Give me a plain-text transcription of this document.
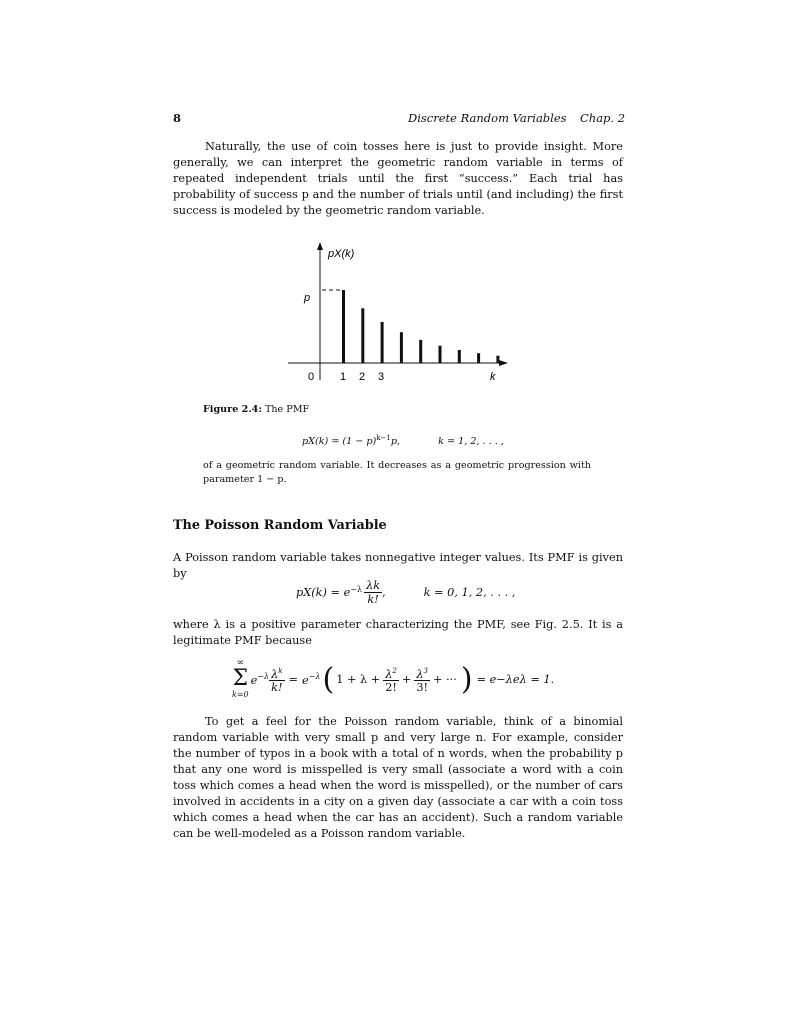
8	Discrete Random Variables Chap. 2

Naturally, the use of coin tosses here is just to provide insight. More generally, we can interpret the geometric random variable in terms of repeated independent trials until the first “success.” Each trial has probability of success p and the number of trials until (and including) the first success is modeled by the geometric random variable.

pX(k)
p
0 1 2 3	k
Figure 2.4: The PMF
$pX(k) = (1 - p)^{k-1}p$,	k = 1, 2, . . . ,

of a geometric random variable. It decreases as a geometric progression with parameter 1 − p.

The Poisson Random Variable

A Poisson random variable takes nonnegative integer values. Its PMF is given by

$pX(k) = e^{-\lambda} \frac{\lambda k}{k!}$ ,	k = 0, 1, 2, . . . ,

where λ is a positive parameter characterizing the PMF, see Fig. 2.5. It is a legitimate PMF because

∞
Σ
k=0
$e^{-\lambda} \frac{\lambda^k}{k!} = e^{-\lambda}$ ( $1 + \lambda + \frac{\lambda^2}{2!} + \frac{\lambda^3}{3!}$ + ··· ) = e−λeλ = 1.

To get a feel for the Poisson random variable, think of a binomial random variable with very small p and very large n. For example, consider the number of typos in a book with a total of n words, when the probability p that any one word is misspelled is very small (associate a word with a coin toss which comes a head when the word is misspelled), or the number of cars involved in accidents in a city on a given day (associate a car with a coin toss which comes a head when the car has an accident). Such a random variable can be well-modeled as a Poisson random variable.
